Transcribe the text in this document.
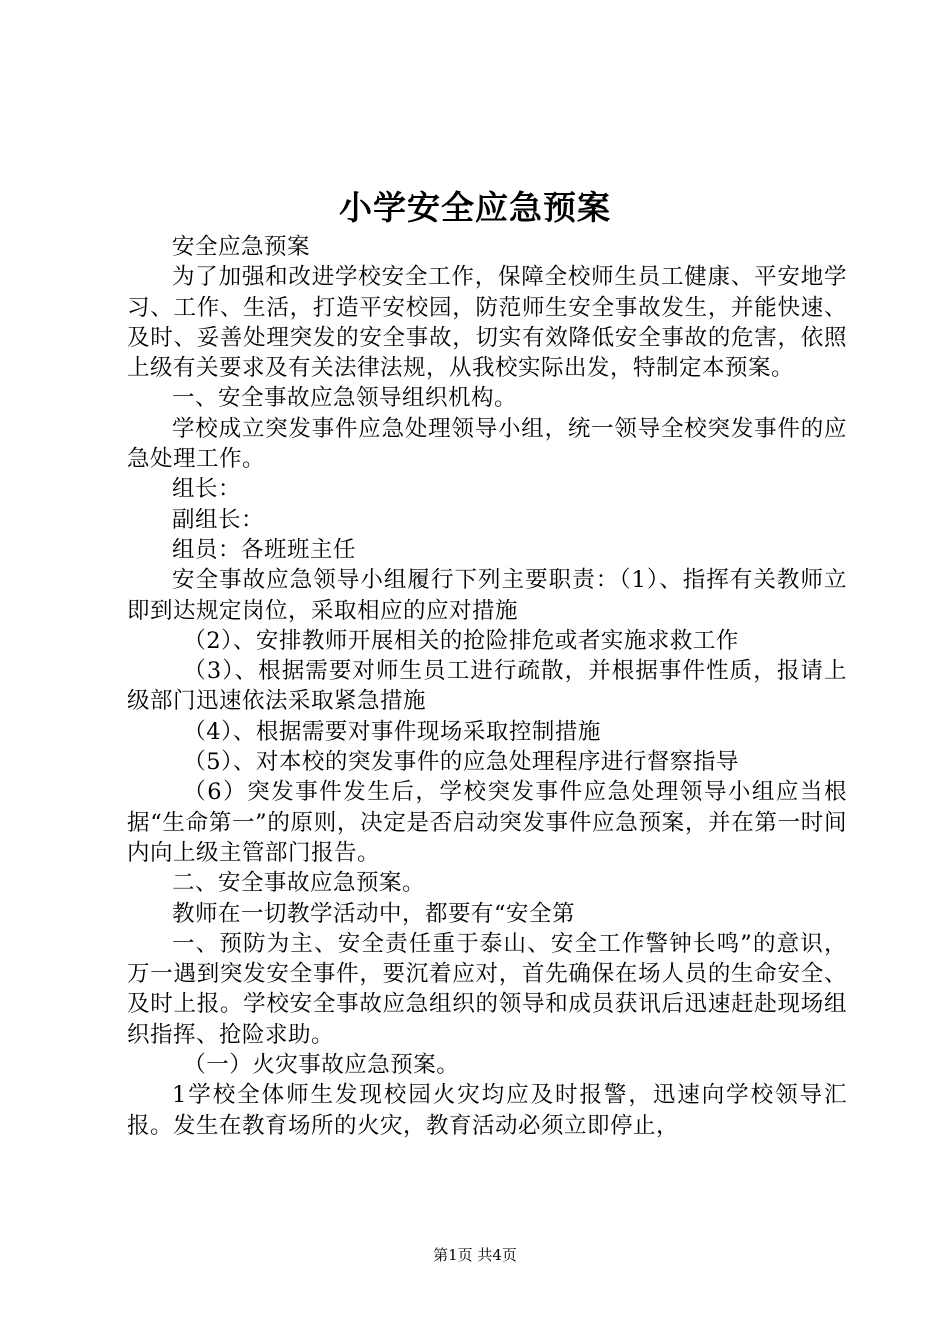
小学安全应急预案

安全应急预案

为了加强和改进学校安全工作，保障全校师生员工健康、平安地学习、工作、生活，打造平安校园，防范师生安全事故发生，并能快速、及时、妥善处理突发的安全事故，切实有效降低安全事故的危害，依照上级有关要求及有关法律法规，从我校实际出发，特制定本预案。

一、安全事故应急领导组织机构。

学校成立突发事件应急处理领导小组，统一领导全校突发事件的应急处理工作。

组长：

副组长：

组员：各班班主任

安全事故应急领导小组履行下列主要职责：（1）、指挥有关教师立即到达规定岗位，采取相应的应对措施

（2）、安排教师开展相关的抢险排危或者实施求救工作

（3）、根据需要对师生员工进行疏散，并根据事件性质，报请上级部门迅速依法采取紧急措施

（4）、根据需要对事件现场采取控制措施

（5）、对本校的突发事件的应急处理程序进行督察指导

（6）突发事件发生后，学校突发事件应急处理领导小组应当根据“生命第一”的原则，决定是否启动突发事件应急预案，并在第一时间内向上级主管部门报告。

二、安全事故应急预案。

教师在一切教学活动中，都要有“安全第

一、预防为主、安全责任重于泰山、安全工作警钟长鸣”的意识，万一遇到突发安全事件，要沉着应对，首先确保在场人员的生命安全、及时上报。学校安全事故应急组织的领导和成员获讯后迅速赶赴现场组织指挥、抢险求助。

（一）火灾事故应急预案。

1学校全体师生发现校园火灾均应及时报警，迅速向学校领导汇报。发生在教育场所的火灾，教育活动必须立即停止，

第1页 共4页
